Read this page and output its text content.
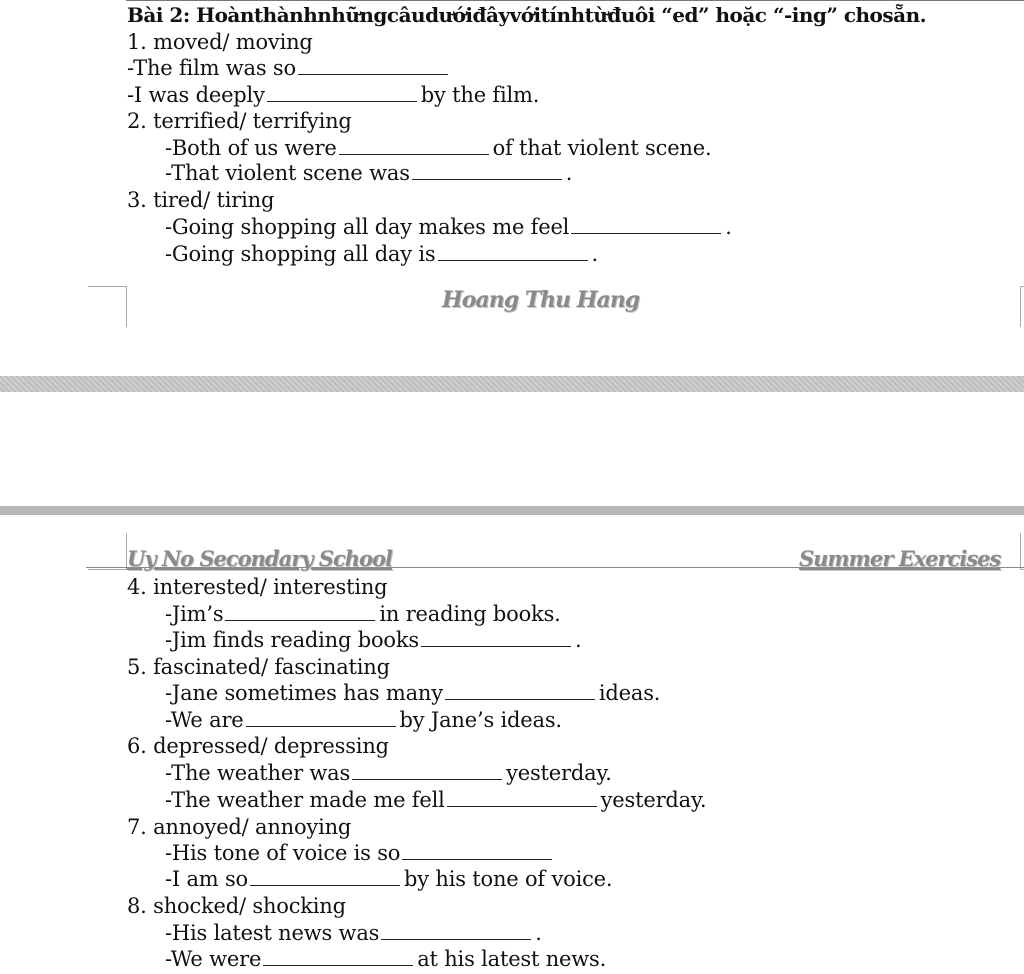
Bài 2: Hoànthànhnhữngcâudướiđâyvớitínhtừđuôi “ed” hoặc “-ing” chosẵn.
1. moved/ moving
-The film was so
-I was deeply	by the film.
2. terrified/ terrifying
-Both of us were	of that violent scene.
-That violent scene was	.
3. tired/ tiring
-Going shopping all day makes me feel	.
-Going shopping all day is	.
Hoang Thu Hang
Uy No Secondary School	Summer Exercises
4. interested/ interesting
-Jim’s	in reading books.
-Jim finds reading books	.
5. fascinated/ fascinating
-Jane sometimes has many	ideas.
-We are	by Jane’s ideas.
6. depressed/ depressing
-The weather was	yesterday.
-The weather made me fell	yesterday.
7. annoyed/ annoying
-His tone of voice is so
-I am so	by his tone of voice.
8. shocked/ shocking
-His latest news was	.
-We were	at his latest news.
